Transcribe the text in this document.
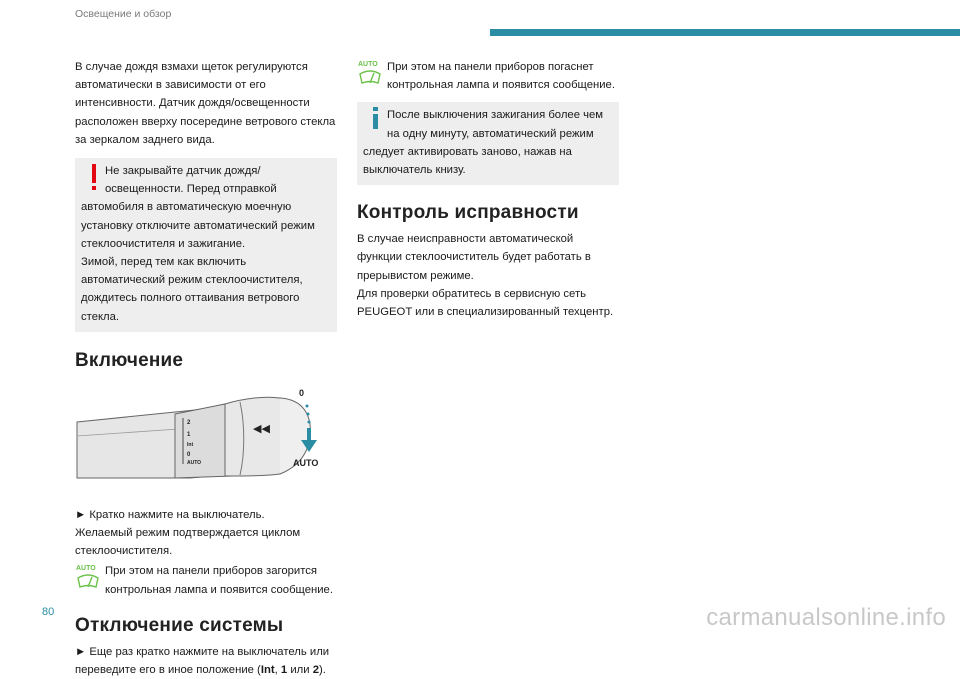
Освещение и обзор

В случае дождя взмахи щеток регулируются автоматически в зависимости от его интенсивности. Датчик дождя/освещенности расположен вверху посередине ветрового стекла за зеркалом заднего вида.

Не закрывайте датчик дождя/освещенности. Перед отправкой автомобиля в автоматическую моечную установку отключите автоматический режим стеклоочистителя и зажигание.

Зимой, перед тем как включить автоматический режим стеклоочистителя, дождитесь полного оттаивания ветрового стекла.

Включение
◀◀
2
1
Int
0
AUTO
0
AUTO

► Кратко нажмите на выключатель.

Желаемый режим подтверждается циклом стеклоочистителя.

AUTO При этом на панели приборов загорится контрольная лампа и появится сообщение.

Отключение системы

► Еще раз кратко нажмите на выключатель или переведите его в иное положение (Int, 1 или 2).

AUTO При этом на панели приборов погаснет контрольная лампа и появится сообщение.

После выключения зажигания более чем на одну минуту, автоматический режим следует активировать заново, нажав на выключатель книзу.

Контроль исправности

В случае неисправности автоматической функции стеклоочиститель будет работать в прерывистом режиме.

Для проверки обратитесь в сервисную сеть PEUGEOT или в специализированный техцентр.

80	carmanualsonline.info
